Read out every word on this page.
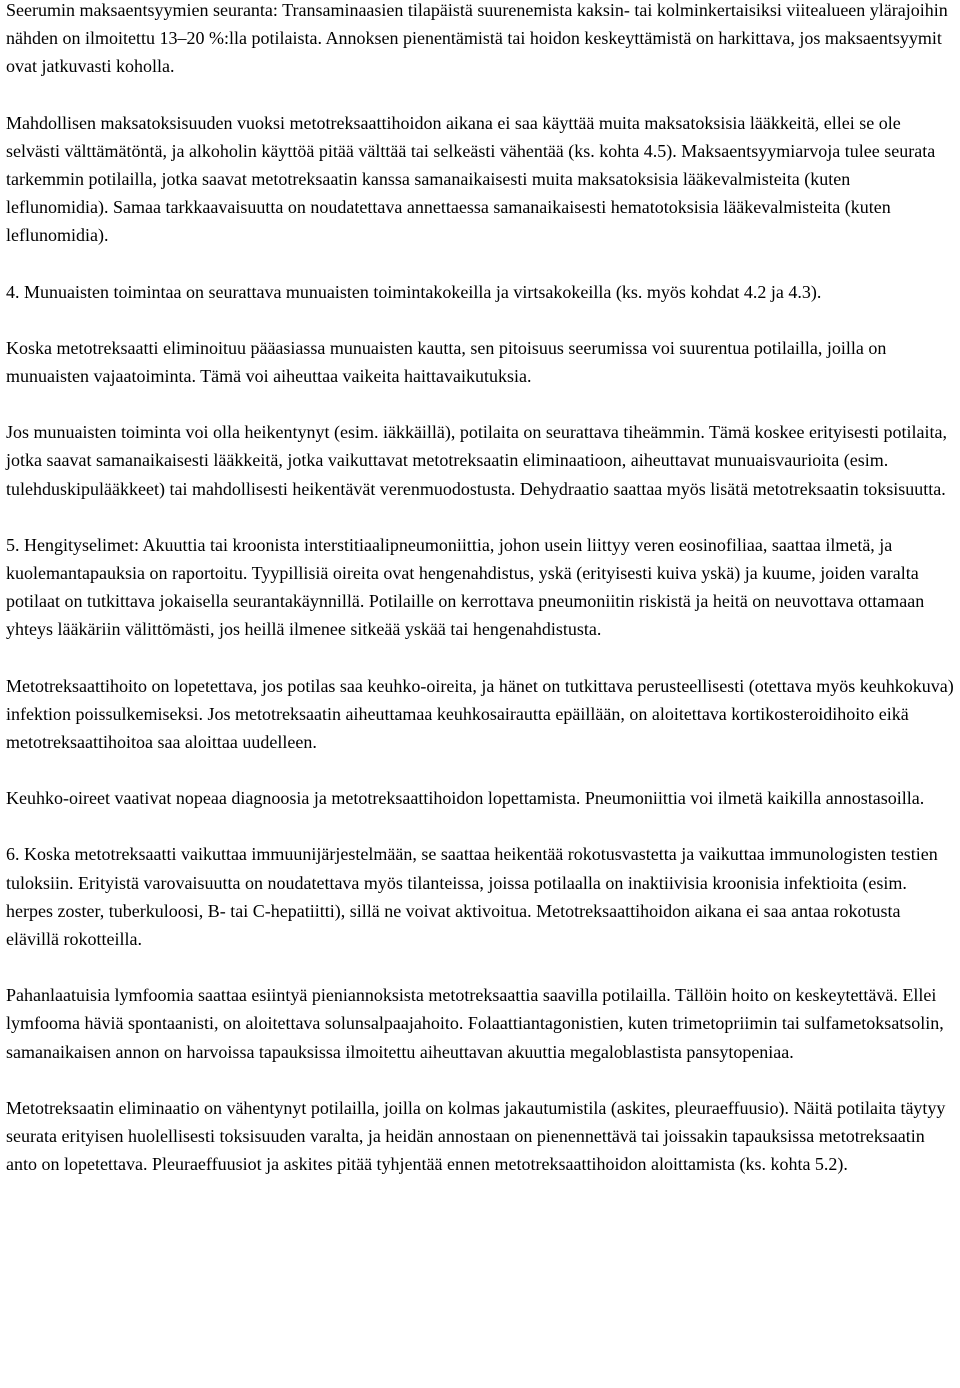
Seerumin maksaentsyymien seuranta: Transaminaasien tilapäistä suurenemista kaksin- tai kolminkertaisiksi viitealueen ylärajoihin nähden on ilmoitettu 13–20 %:lla potilaista. Annoksen pienentämistä tai hoidon keskeyttämistä on harkittava, jos maksaentsyymit ovat jatkuvasti koholla.

Mahdollisen maksatoksisuuden vuoksi metotreksaattihoidon aikana ei saa käyttää muita maksatoksisia lääkkeitä, ellei se ole selvästi välttämätöntä, ja alkoholin käyttöä pitää välttää tai selkeästi vähentää (ks. kohta 4.5). Maksaentsyymiarvoja tulee seurata tarkemmin potilailla, jotka saavat metotreksaatin kanssa samanaikaisesti muita maksatoksisia lääkevalmisteita (kuten leflunomidia). Samaa tarkkaavaisuutta on noudatettava annettaessa samanaikaisesti hematotoksisia lääkevalmisteita (kuten leflunomidia).

4. Munuaisten toimintaa on seurattava munuaisten toimintakokeilla ja virtsakokeilla (ks. myös kohdat 4.2 ja 4.3).

Koska metotreksaatti eliminoituu pääasiassa munuaisten kautta, sen pitoisuus seerumissa voi suurentua potilailla, joilla on munuaisten vajaatoiminta. Tämä voi aiheuttaa vaikeita haittavaikutuksia.

Jos munuaisten toiminta voi olla heikentynyt (esim. iäkkäillä), potilaita on seurattava tiheämmin. Tämä koskee erityisesti potilaita, jotka saavat samanaikaisesti lääkkeitä, jotka vaikuttavat metotreksaatin eliminaatioon, aiheuttavat munuaisvaurioita (esim. tulehduskipulääkkeet) tai mahdollisesti heikentävät verenmuodostusta. Dehydraatio saattaa myös lisätä metotreksaatin toksisuutta.

5. Hengityselimet: Akuuttia tai kroonista interstitiaalipneumoniittia, johon usein liittyy veren eosinofiliaa, saattaa ilmetä, ja kuolemantapauksia on raportoitu. Tyypillisiä oireita ovat hengenahdistus, yskä (erityisesti kuiva yskä) ja kuume, joiden varalta potilaat on tutkittava jokaisella seurantakäynnillä. Potilaille on kerrottava pneumoniitin riskistä ja heitä on neuvottava ottamaan yhteys lääkäriin välittömästi, jos heillä ilmenee sitkeää yskää tai hengenahdistusta.

Metotreksaattihoito on lopetettava, jos potilas saa keuhko-oireita, ja hänet on tutkittava perusteellisesti (otettava myös keuhkokuva) infektion poissulkemiseksi. Jos metotreksaatin aiheuttamaa keuhkosairautta epäillään, on aloitettava kortikosteroidihoito eikä metotreksaattihoitoa saa aloittaa uudelleen.

Keuhko-oireet vaativat nopeaa diagnoosia ja metotreksaattihoidon lopettamista. Pneumoniittia voi ilmetä kaikilla annostasoilla.

6. Koska metotreksaatti vaikuttaa immuunijärjestelmään, se saattaa heikentää rokotusvastetta ja vaikuttaa immunologisten testien tuloksiin. Erityistä varovaisuutta on noudatettava myös tilanteissa, joissa potilaalla on inaktiivisia kroonisia infektioita (esim. herpes zoster, tuberkuloosi, B- tai C-hepatiitti), sillä ne voivat aktivoitua. Metotreksaattihoidon aikana ei saa antaa rokotusta elävillä rokotteilla.

Pahanlaatuisia lymfoomia saattaa esiintyä pieniannoksista metotreksaattia saavilla potilailla. Tällöin hoito on keskeytettävä. Ellei lymfooma häviä spontaanisti, on aloitettava solunsalpaajahoito. Folaattiantagonistien, kuten trimetopriimin tai sulfametoksatsolin, samanaikaisen annon on harvoissa tapauksissa ilmoitettu aiheuttavan akuuttia megaloblastista pansytopeniaa.

Metotreksaatin eliminaatio on vähentynyt potilailla, joilla on kolmas jakautumistila (askites, pleuraeffuusio). Näitä potilaita täytyy seurata erityisen huolellisesti toksisuuden varalta, ja heidän annostaan on pienennettävä tai joissakin tapauksissa metotreksaatin anto on lopetettava. Pleuraeffuusiot ja askites pitää tyhjentää ennen metotreksaattihoidon aloittamista (ks. kohta 5.2).
